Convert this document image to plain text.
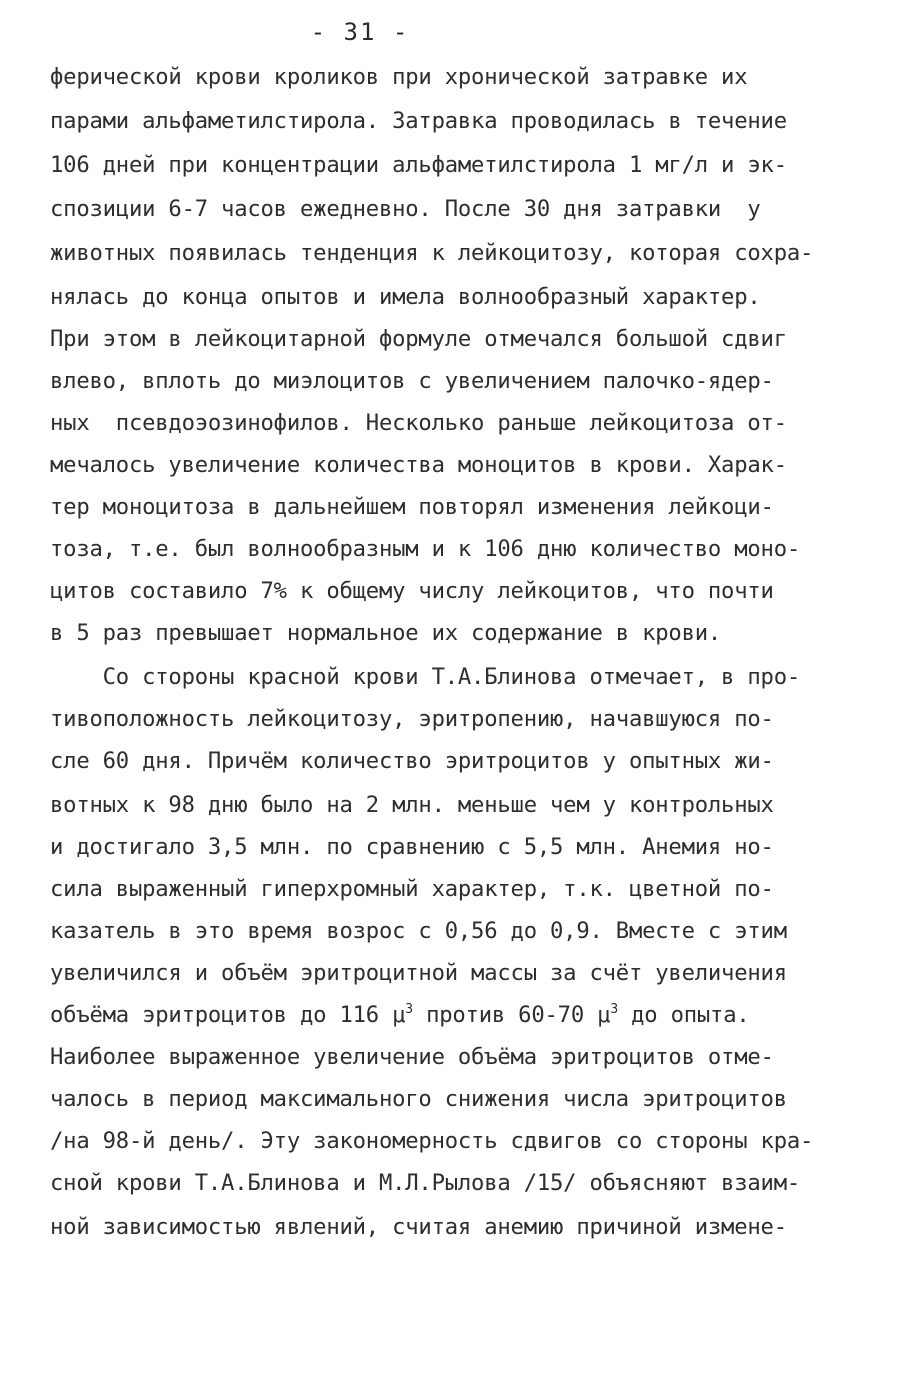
- 31 -
ферической крови кроликов при хронической затравке их
парами альфаметилстирола. Затравка проводилась в течение
106 дней при концентрации альфаметилстирола 1 мг/л и эк-
спозиции 6-7 часов ежедневно. После 30 дня затравки  у
животных появилась тенденция к лейкоцитозу, которая сохра-
нялась до конца опытов и имела волнообразный характер.
При этом в лейкоцитарной формуле отмечался большой сдвиг
влево, вплоть до миэлоцитов с увеличением палочко-ядер-
ных  псевдоэозинофилов. Несколько раньше лейкоцитоза от-
мечалось увеличение количества моноцитов в крови. Харак-
тер моноцитоза в дальнейшем повторял изменения лейкоци-
тоза, т.е. был волнообразным и к 106 дню количество моно-
цитов составило 7% к общему числу лейкоцитов, что почти
в 5 раз превышает нормальное их содержание в крови.
Со стороны красной крови Т.А.Блинова отмечает, в про-
тивоположность лейкоцитозу, эритропению, начавшуюся по-
сле 60 дня. Причём количество эритроцитов у опытных жи-
вотных к 98 дню было на 2 млн. меньше чем у контрольных
и достигало 3,5 млн. по сравнению с 5,5 млн. Анемия но-
сила выраженный гиперхромный характер, т.к. цветной по-
казатель в это время возрос с 0,56 до 0,9. Вместе с этим
увеличился и объём эритроцитной массы за счёт увеличения
объёма эритроцитов до 116 $\mu^3$ против 60-70 $\mu^3$ до опыта.
Наиболее выраженное увеличение объёма эритроцитов отме-
чалось в период максимального снижения числа эритроцитов
/на 98-й день/. Эту закономерность сдвигов со стороны кра-
сной крови Т.А.Блинова и М.Л.Рылова /15/ объясняют взаим-
ной зависимостью явлений, считая анемию причиной измене-
